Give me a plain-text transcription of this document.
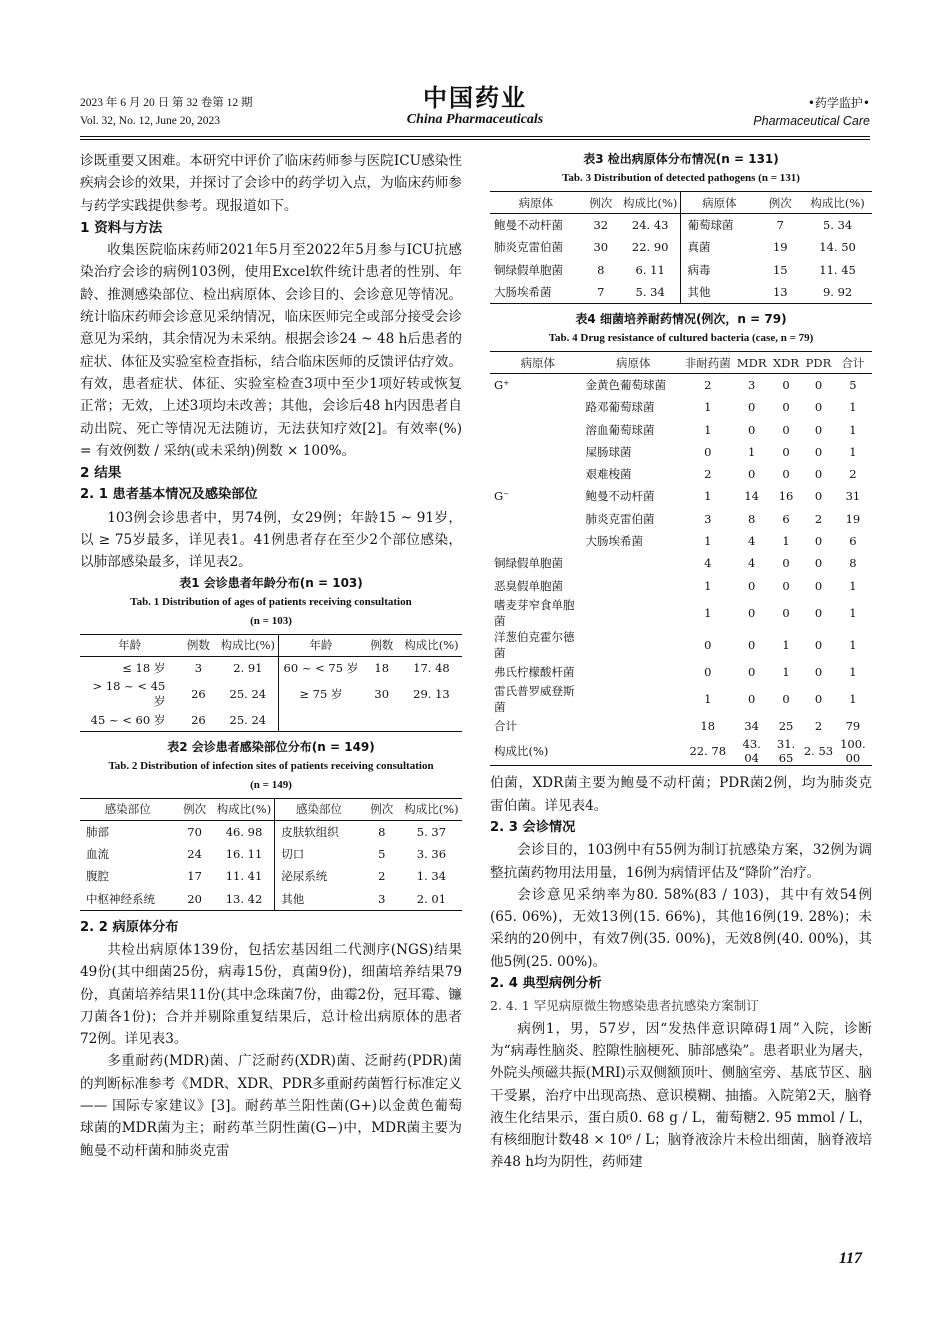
2023 年 6 月 20 日 第 32 卷第 12 期
Vol. 32, No. 12, June 20, 2023
中国药业
China Pharmaceuticals
•药学监护•
Pharmaceutical Care

诊既重要又困难。本研究中评价了临床药师参与医院ICU感染性疾病会诊的效果，并探讨了会诊中的药学切入点，为临床药师参与药学实践提供参考。现报道如下。

1 资料与方法

收集医院临床药师2021年5月至2022年5月参与ICU抗感染治疗会诊的病例103例，使用Excel软件统计患者的性别、年龄、推测感染部位、检出病原体、会诊目的、会诊意见等情况。统计临床药师会诊意见采纳情况，临床医师完全或部分接受会诊意见为采纳，其余情况为未采纳。根据会诊24 ~ 48 h后患者的症状、体征及实验室检查指标，结合临床医师的反馈评估疗效。有效，患者症状、体征、实验室检查3项中至少1项好转或恢复正常；无效，上述3项均未改善；其他，会诊后48 h内因患者自动出院、死亡等情况无法随访，无法获知疗效[2]。有效率(%) = 有效例数 / 采纳(或未采纳)例数 × 100%。

2 结果
2. 1 患者基本情况及感染部位

103例会诊患者中，男74例，女29例；年龄15 ~ 91岁，以 ≥ 75岁最多，详见表1。41例患者存在至少2个部位感染，以肺部感染最多，详见表2。

表1 会诊患者年龄分布(n = 103)
Tab. 1 Distribution of ages of patients receiving consultation
(n = 103)
年龄	例数	构成比(%)	年龄	例数	构成比(%)
≤ 18 岁	3	2. 91	60 ~ < 75 岁	18	17. 48
> 18 ~ < 45 岁	26	25. 24	≥ 75 岁	30	29. 13
45 ~ < 60 岁	26	25. 24			
表2 会诊患者感染部位分布(n = 149)
Tab. 2 Distribution of infection sites of patients receiving consultation
(n = 149)
感染部位	例次	构成比(%)	感染部位	例次	构成比(%)
肺部	70	46. 98	皮肤软组织	8	5. 37
血流	24	16. 11	切口	5	3. 36
腹腔	17	11. 41	泌尿系统	2	1. 34
中枢神经系统	20	13. 42	其他	3	2. 01
2. 2 病原体分布

共检出病原体139份，包括宏基因组二代测序(NGS)结果49份(其中细菌25份，病毒15份，真菌9份)，细菌培养结果79份，真菌培养结果11份(其中念珠菌7份，曲霉2份，冠耳霉、镰刀菌各1份)；合并并剔除重复结果后，总计检出病原体的患者72例。详见表3。

多重耐药(MDR)菌、广泛耐药(XDR)菌、泛耐药(PDR)菌的判断标准参考《MDR、XDR、PDR多重耐药菌暂行标准定义 —— 国际专家建议》[3]。耐药革兰阳性菌(G+)以金黄色葡萄球菌的MDR菌为主；耐药革兰阴性菌(G−)中，MDR菌主要为鲍曼不动杆菌和肺炎克雷

表3 检出病原体分布情况(n = 131)
Tab. 3 Distribution of detected pathogens (n = 131)
病原体	例次	构成比(%)	病原体	例次	构成比(%)
鲍曼不动杆菌	32	24. 43	葡萄球菌	7	5. 34
肺炎克雷伯菌	30	22. 90	真菌	19	14. 50
铜绿假单胞菌	8	6. 11	病毒	15	11. 45
大肠埃希菌	7	5. 34	其他	13	9. 92
表4 细菌培养耐药情况(例次，n = 79)
Tab. 4 Drug resistance of cultured bacteria (case, n = 79)
病原体	病原体	非耐药菌	MDR	XDR	PDR	合计
G⁺	金黄色葡萄球菌	2	3	0	0	5
	路邓葡萄球菌	1	0	0	0	1
	溶血葡萄球菌	1	0	0	0	1
	屎肠球菌	0	1	0	0	1
	艰难梭菌	2	0	0	0	2
G⁻	鲍曼不动杆菌	1	14	16	0	31
	肺炎克雷伯菌	3	8	6	2	19
	大肠埃希菌	1	4	1	0	6
铜绿假单胞菌		4	4	0	0	8
恶臭假单胞菌		1	0	0	0	1
嗜麦芽窄食单胞菌		1	0	0	0	1
洋葱伯克霍尔德菌		0	0	1	0	1
弗氏柠檬酸杆菌		0	0	1	0	1
雷氏普罗威登斯菌		1	0	0	0	1
合计		18	34	25	2	79
构成比(%)		22. 78	43. 04	31. 65	2. 53	100. 00

伯菌，XDR菌主要为鲍曼不动杆菌；PDR菌2例，均为肺炎克雷伯菌。详见表4。

2. 3 会诊情况

会诊目的，103例中有55例为制订抗感染方案，32例为调整抗菌药物用法用量，16例为病情评估及“降阶”治疗。

会诊意见采纳率为80. 58%(83 / 103)，其中有效54例(65. 06%)，无效13例(15. 66%)，其他16例(19. 28%)；未采纳的20例中，有效7例(35. 00%)，无效8例(40. 00%)，其他5例(25. 00%)。

2. 4 典型病例分析
2. 4. 1 罕见病原微生物感染患者抗感染方案制订

病例1，男，57岁，因“发热伴意识障碍1周”入院，诊断为“病毒性脑炎、腔隙性脑梗死、肺部感染”。患者职业为屠夫，外院头颅磁共振(MRI)示双侧额顶叶、侧脑室旁、基底节区、脑干受累，治疗中出现高热、意识模糊、抽搐。入院第2天，脑脊液生化结果示，蛋白质0. 68 g / L，葡萄糖2. 95 mmol / L，有核细胞计数48 × 10⁶ / L；脑脊液涂片未检出细菌，脑脊液培养48 h均为阴性，药师建

117
